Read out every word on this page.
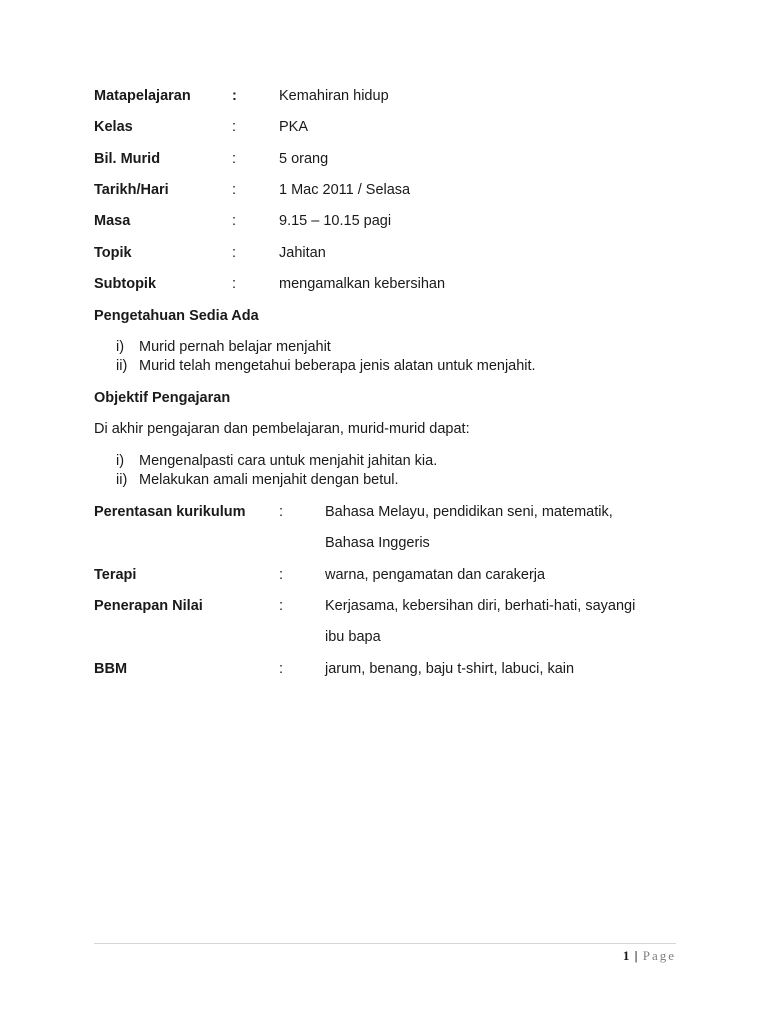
Matapelajaran	:	Kemahiran hidup
Kelas	:	PKA
Bil. Murid	:	5 orang
Tarikh/Hari	:	1 Mac 2011 / Selasa
Masa	:	9.15 – 10.15 pagi
Topik	:	Jahitan
Subtopik	:	mengamalkan kebersihan
Pengetahuan Sedia Ada
i) Murid pernah belajar menjahit
ii) Murid telah mengetahui beberapa jenis alatan untuk menjahit.
Objektif Pengajaran
Di akhir pengajaran dan pembelajaran, murid-murid dapat:
i) Mengenalpasti cara untuk menjahit jahitan kia.
ii) Melakukan amali menjahit dengan betul.
Perentasan kurikulum :	Bahasa Melayu, pendidikan seni, matematik,
Bahasa Inggeris
Terapi	:	warna, pengamatan dan carakerja
Penerapan Nilai	:	Kerjasama, kebersihan diri, berhati-hati, sayangi
ibu bapa
BBM	:	jarum, benang, baju t-shirt, labuci, kain
1 | Page
